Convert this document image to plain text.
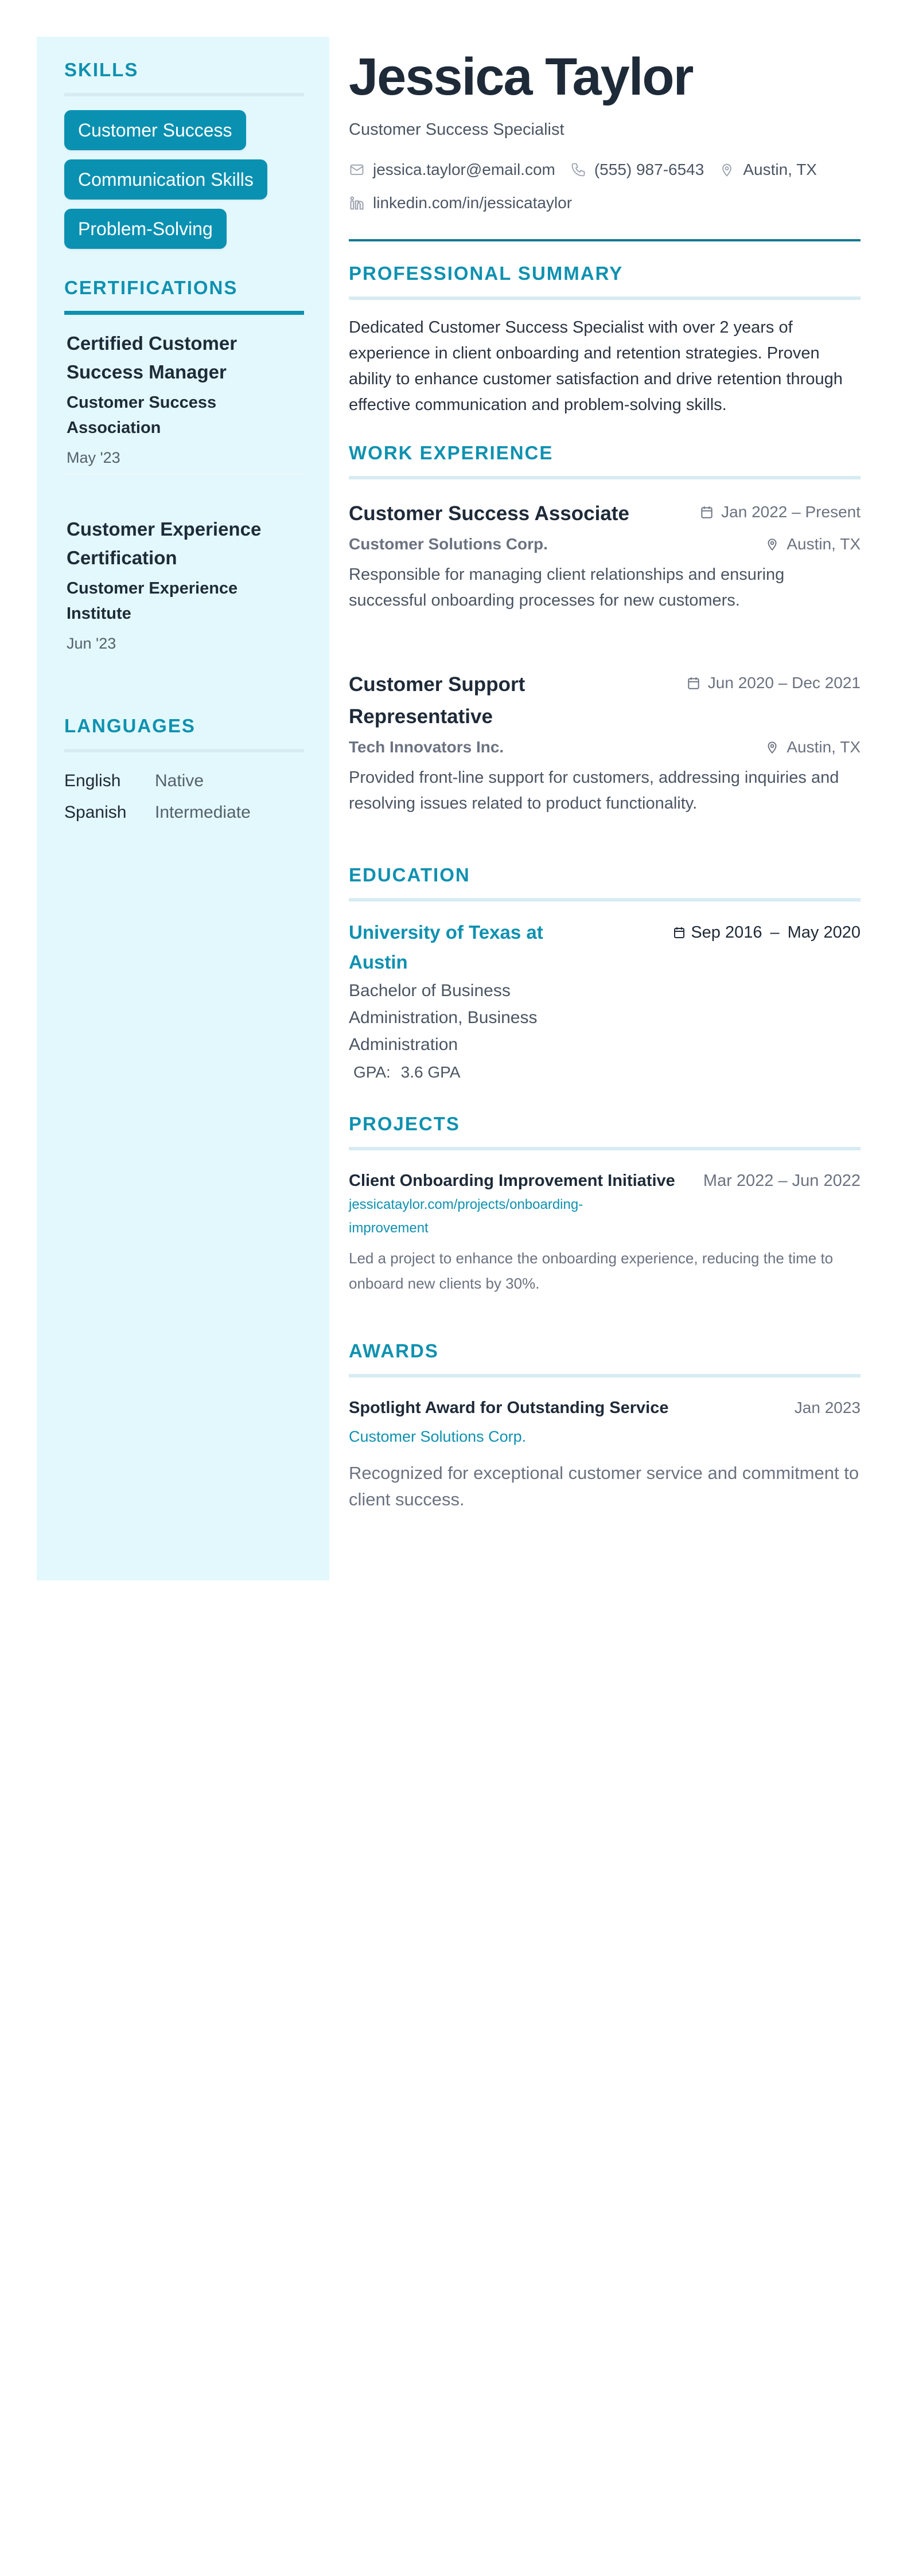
SKILLS
Customer Success
Communication Skills
Problem-Solving
CERTIFICATIONS
Certified Customer Success Manager
Customer Success Association
May '23
Customer Experience Certification
Customer Experience Institute
Jun '23
LANGUAGES
English	Native
Spanish	Intermediate
Jessica Taylor
Customer Success Specialist
jessica.taylor@email.com (555) 987-6543 Austin, TX
linkedin.com/in/jessicataylor
PROFESSIONAL SUMMARY

Dedicated Customer Success Specialist with over 2 years of experience in client onboarding and retention strategies. Proven ability to enhance customer satisfaction and drive retention through effective communication and problem-solving skills.

WORK EXPERIENCE
Customer Success Associate	Jan 2022 – Present
Customer Solutions Corp.	Austin, TX

Responsible for managing client relationships and ensuring successful onboarding processes for new customers.

Customer Support Representative
Jun 2020 – Dec 2021
Tech Innovators Inc.	Austin, TX

Provided front-line support for customers, addressing inquiries and resolving issues related to product functionality.

EDUCATION
University of Texas at Austin
Sep 2016 – May 2020
Bachelor of Business Administration, Business Administration
GPA: 3.6 GPA
PROJECTS
Client Onboarding Improvement Initiative Mar 2022 – Jun 2022
jessicataylor.com/projects/onboarding-improvement

Led a project to enhance the onboarding experience, reducing the time to onboard new clients by 30%.

AWARDS
Spotlight Award for Outstanding Service	Jan 2023
Customer Solutions Corp.

Recognized for exceptional customer service and commitment to client success.
